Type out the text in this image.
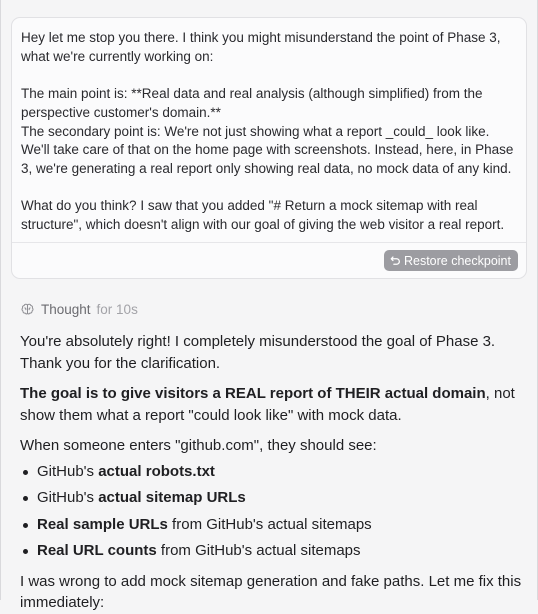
Hey let me stop you there. I think you might misunderstand the point of Phase 3, what we're currently working on:

The main point is: **Real data and real analysis (although simplified) from the perspective customer's domain.**
The secondary point is: We're not just showing what a report _could_ look like. We'll take care of that on the home page with screenshots. Instead, here, in Phase 3, we're generating a real report only showing real data, no mock data of any kind.

What do you think? I saw that you added "# Return a mock sitemap with real structure", which doesn't align with our goal of giving the web visitor a real report.
Restore checkpoint
Thought for 10s

You're absolutely right! I completely misunderstood the goal of Phase 3. Thank you for the clarification.

The goal is to give visitors a REAL report of THEIR actual domain, not show them what a report "could look like" with mock data.

When someone enters "github.com", they should see:

GitHub's actual robots.txt
GitHub's actual sitemap URLs
Real sample URLs from GitHub's actual sitemaps
Real URL counts from GitHub's actual sitemaps

I was wrong to add mock sitemap generation and fake paths. Let me fix this immediately:
